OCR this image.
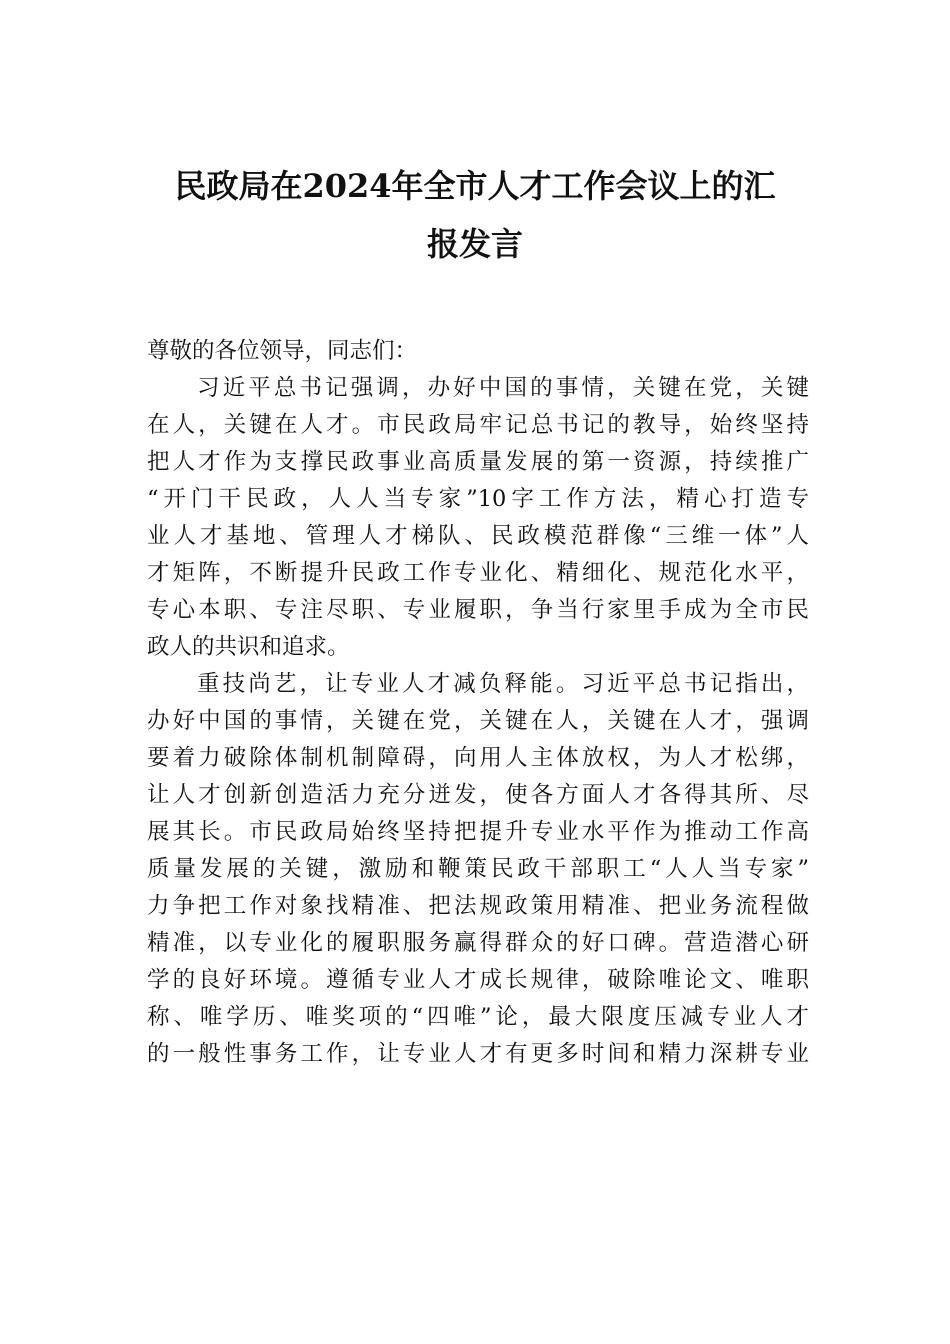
民政局在2024年全市人才工作会议上的汇
报发言
尊敬的各位领导，同志们：
习近平总书记强调，办好中国的事情，关键在党，关键
在人，关键在人才。市民政局牢记总书记的教导，始终坚持
把人才作为支撑民政事业高质量发展的第一资源，持续推广
“开门干民政，人人当专家”10字工作方法，精心打造专
业人才基地、管理人才梯队、民政模范群像“三维一体”人
才矩阵，不断提升民政工作专业化、精细化、规范化水平，
专心本职、专注尽职、专业履职，争当行家里手成为全市民
政人的共识和追求。
重技尚艺，让专业人才减负释能。习近平总书记指出，
办好中国的事情，关键在党，关键在人，关键在人才，强调
要着力破除体制机制障碍，向用人主体放权，为人才松绑，
让人才创新创造活力充分迸发，使各方面人才各得其所、尽
展其长。市民政局始终坚持把提升专业水平作为推动工作高
质量发展的关键，激励和鞭策民政干部职工“人人当专家”
力争把工作对象找精准、把法规政策用精准、把业务流程做
精准，以专业化的履职服务赢得群众的好口碑。营造潜心研
学的良好环境。遵循专业人才成长规律，破除唯论文、唯职
称、唯学历、唯奖项的“四唯”论，最大限度压减专业人才
的一般性事务工作，让专业人才有更多时间和精力深耕专业
